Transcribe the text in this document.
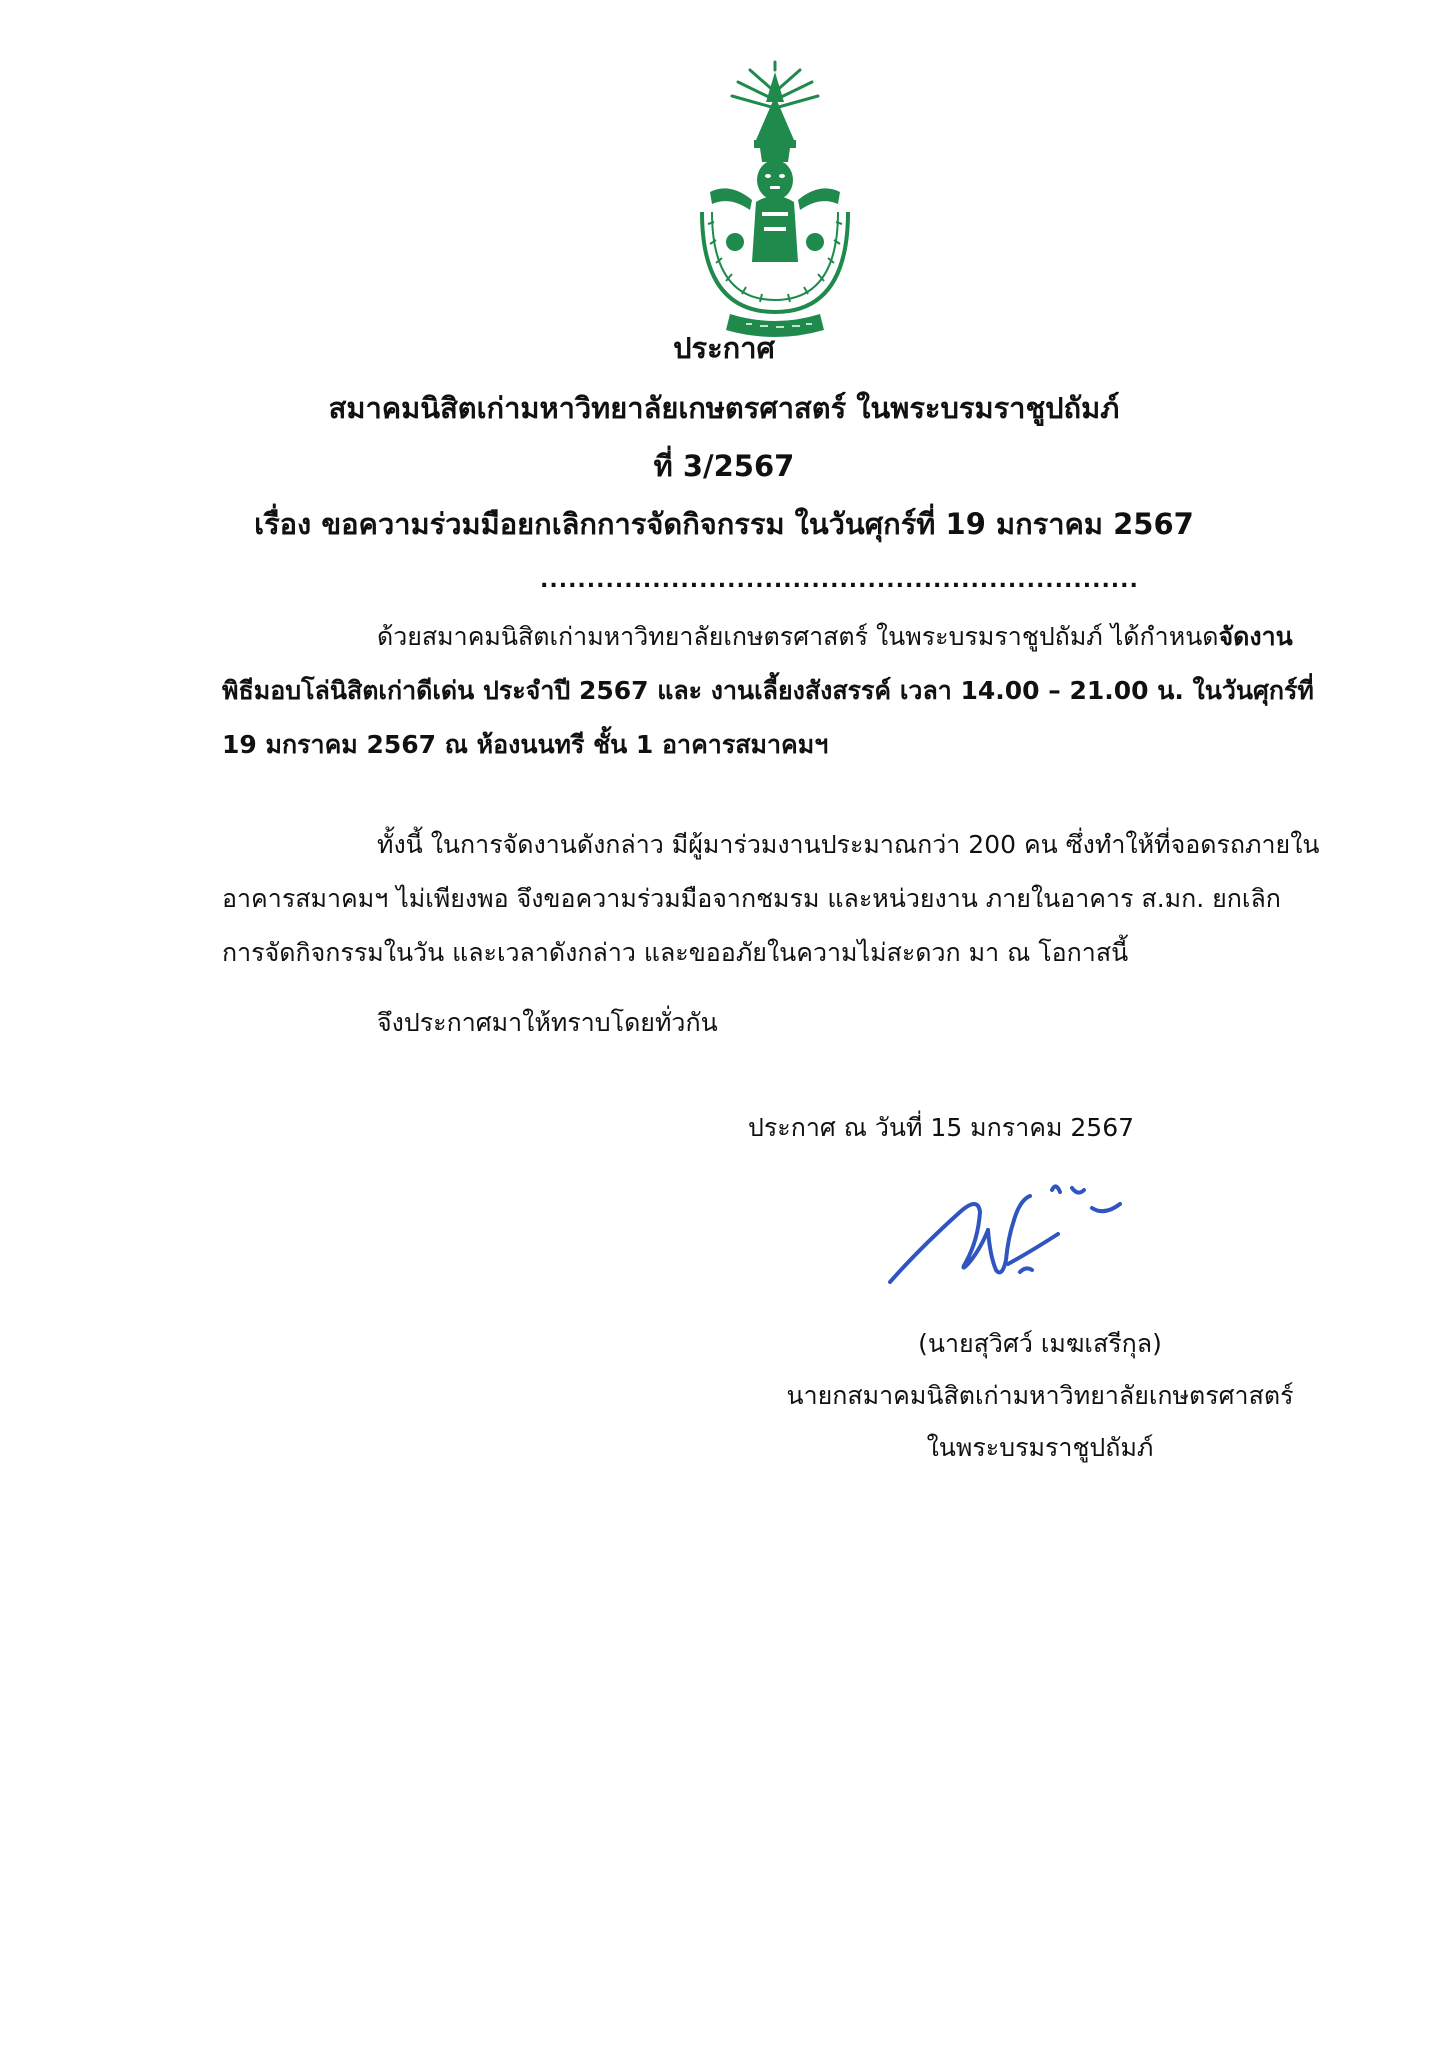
ประกาศ
สมาคมนิสิตเก่ามหาวิทยาลัยเกษตรศาสตร์ ในพระบรมราชูปถัมภ์
ที่ 3/2567
เรื่อง ขอความร่วมมือยกเลิกการจัดกิจกรรม ในวันศุกร์ที่ 19 มกราคม 2567
................................................................
ด้วยสมาคมนิสิตเก่ามหาวิทยาลัยเกษตรศาสตร์ ในพระบรมราชูปถัมภ์ ได้กำหนดจัดงาน
พิธีมอบโล่นิสิตเก่าดีเด่น ประจำปี 2567 และ งานเลี้ยงสังสรรค์ เวลา 14.00 – 21.00 น. ในวันศุกร์ที่
19 มกราคม 2567 ณ ห้องนนทรี ชั้น 1 อาคารสมาคมฯ
ทั้งนี้ ในการจัดงานดังกล่าว มีผู้มาร่วมงานประมาณกว่า 200 คน ซึ่งทำให้ที่จอดรถภายใน
อาคารสมาคมฯ ไม่เพียงพอ จึงขอความร่วมมือจากชมรม และหน่วยงาน ภายในอาคาร ส.มก. ยกเลิก
การจัดกิจกรรมในวัน และเวลาดังกล่าว และขออภัยในความไม่สะดวก มา ณ โอกาสนี้
จึงประกาศมาให้ทราบโดยทั่วกัน
ประกาศ ณ วันที่ 15 มกราคม 2567
(นายสุวิศว์ เมฆเสรีกุล)
นายกสมาคมนิสิตเก่ามหาวิทยาลัยเกษตรศาสตร์
ในพระบรมราชูปถัมภ์
